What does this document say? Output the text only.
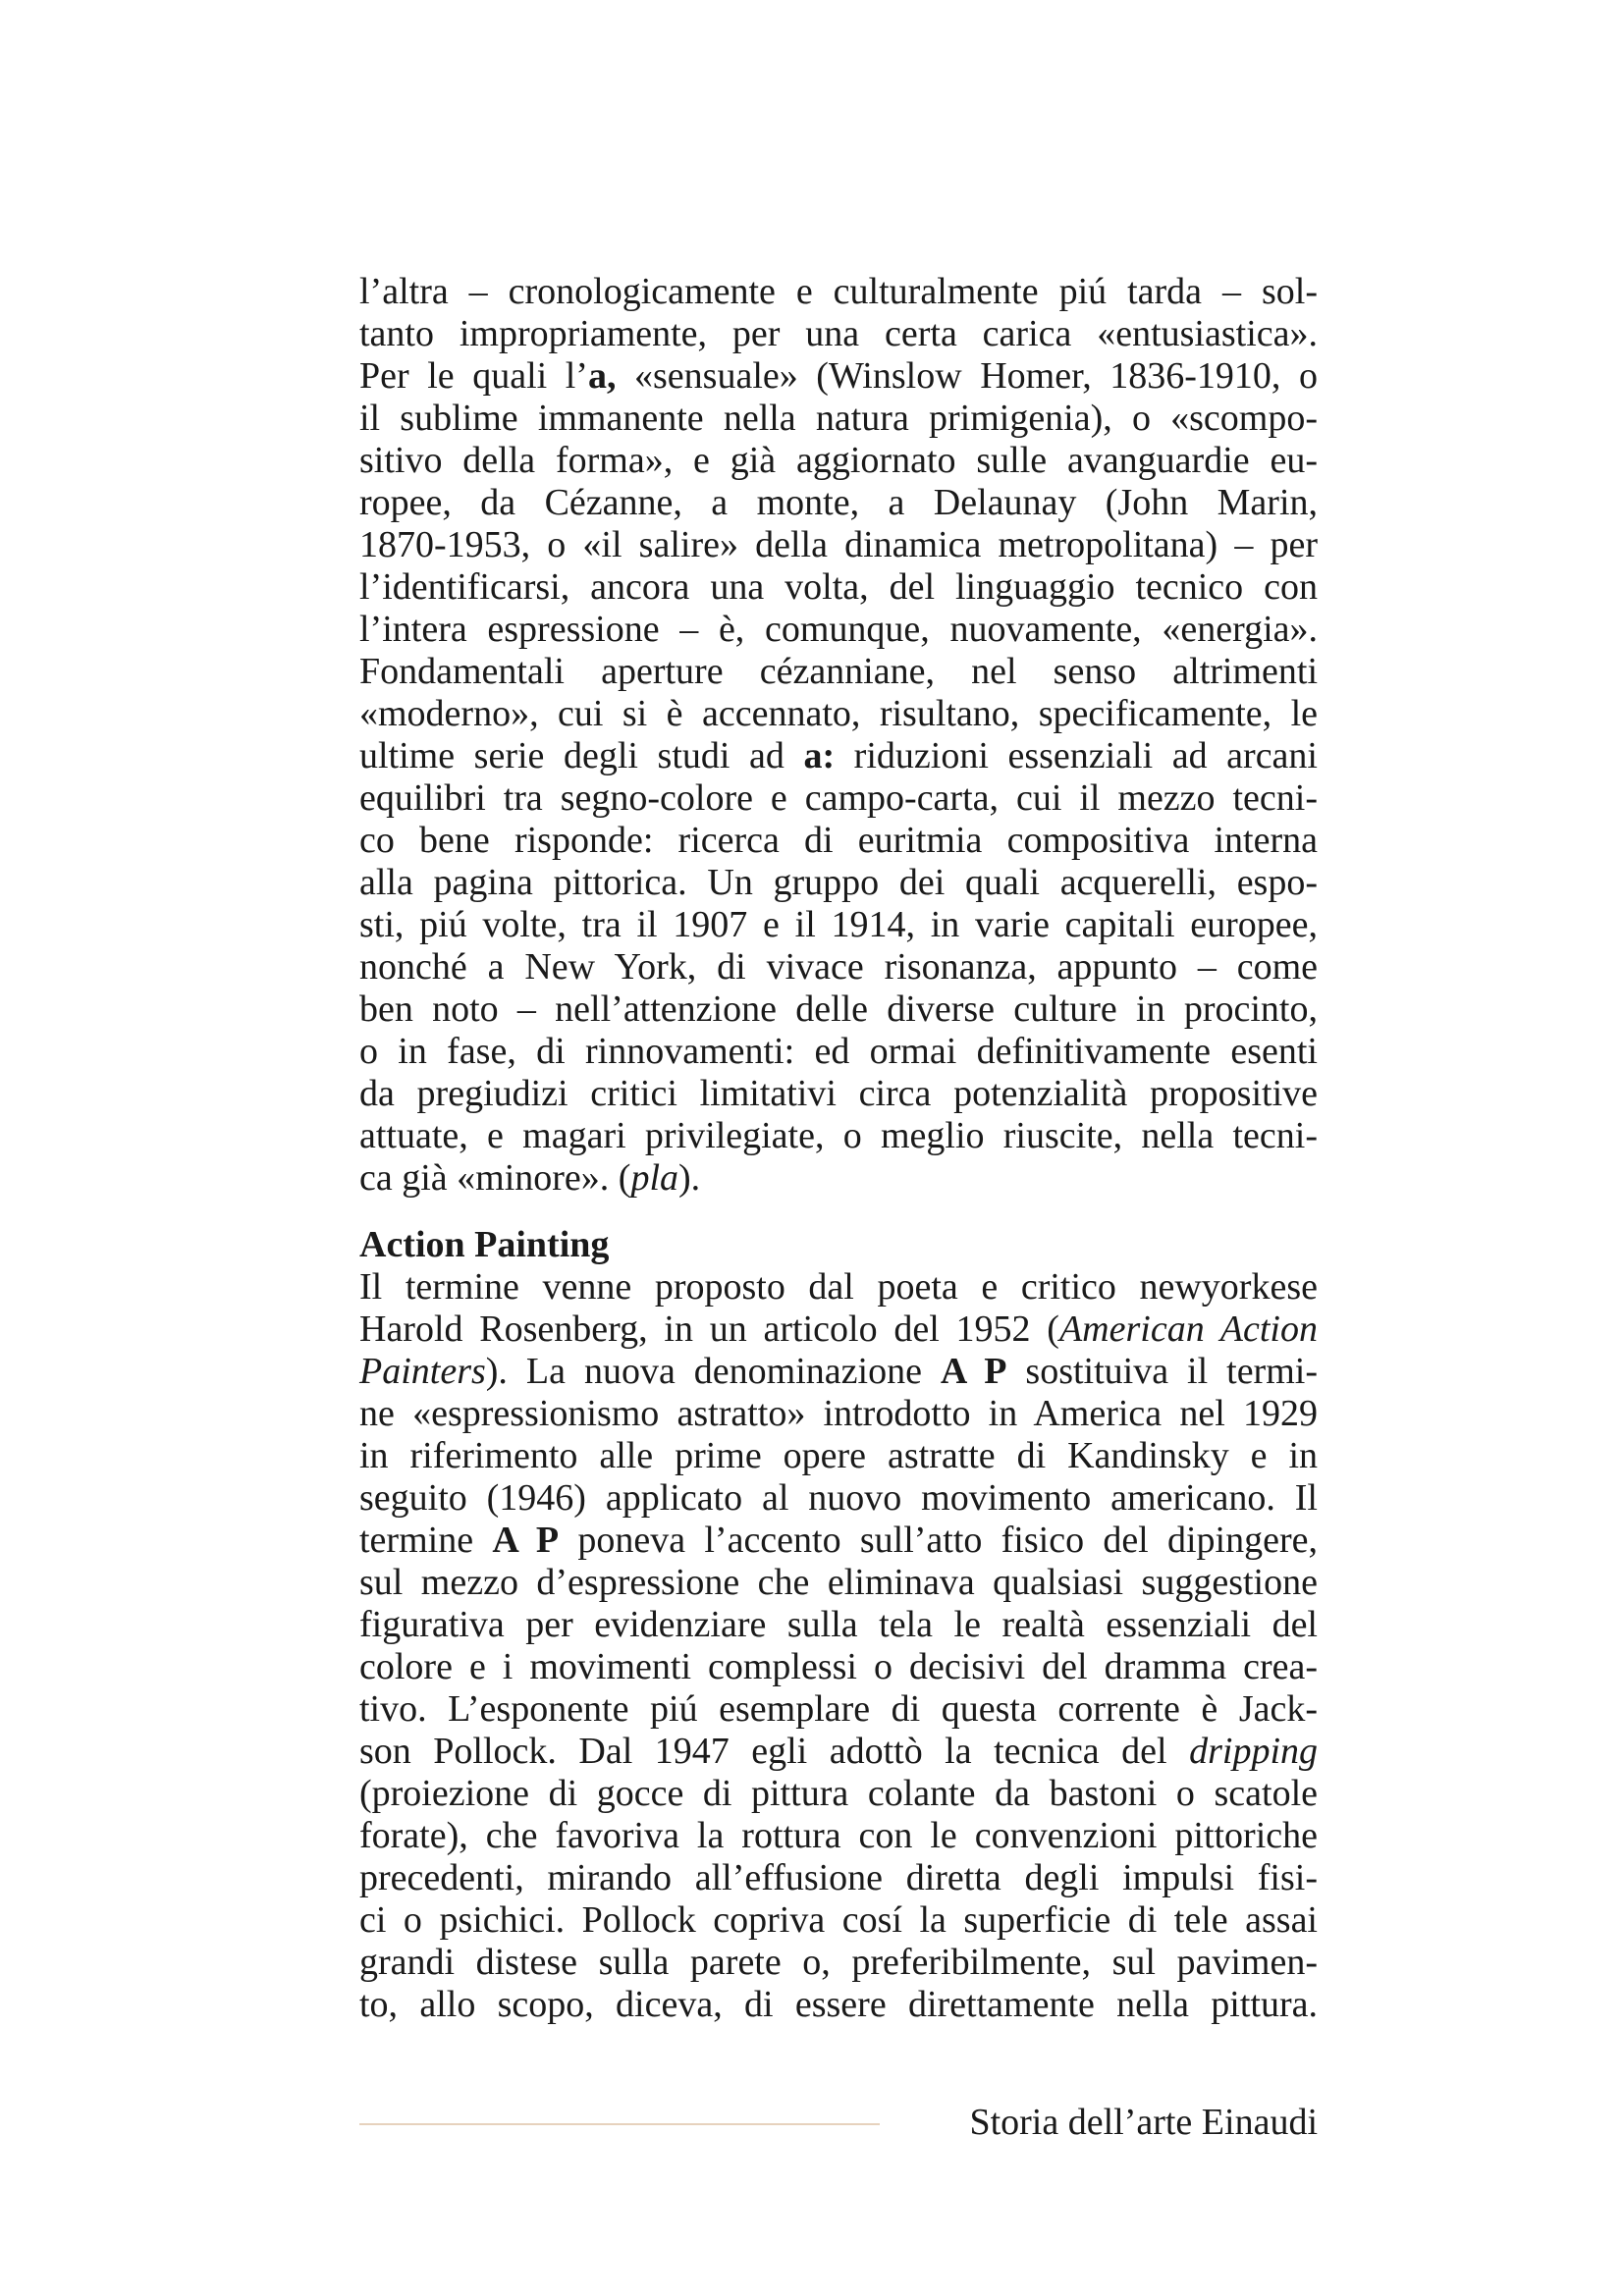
l’altra – cronologicamente e culturalmente piú tarda – sol-
tanto impropriamente, per una certa carica «entusiastica».
Per le quali l’a, «sensuale» (Winslow Homer, 1836-1910, o
il sublime immanente nella natura primigenia), o «scompo-
sitivo della forma», e già aggiornato sulle avanguardie eu-
ropee, da Cézanne, a monte, a Delaunay (John Marin,
1870-1953, o «il salire» della dinamica metropolitana) – per
l’identificarsi, ancora una volta, del linguaggio tecnico con
l’intera espressione – è, comunque, nuovamente, «energia».
Fondamentali aperture cézanniane, nel senso altrimenti
«moderno», cui si è accennato, risultano, specificamente, le
ultime serie degli studi ad a: riduzioni essenziali ad arcani
equilibri tra segno-colore e campo-carta, cui il mezzo tecni-
co bene risponde: ricerca di euritmia compositiva interna
alla pagina pittorica. Un gruppo dei quali acquerelli, espo-
sti, piú volte, tra il 1907 e il 1914, in varie capitali europee,
nonché a New York, di vivace risonanza, appunto – come
ben noto – nell’attenzione delle diverse culture in procinto,
o in fase, di rinnovamenti: ed ormai definitivamente esenti
da pregiudizi critici limitativi circa potenzialità propositive
attuate, e magari privilegiate, o meglio riuscite, nella tecni-
ca già «minore». (pla).
Action Painting
Il termine venne proposto dal poeta e critico newyorkese
Harold Rosenberg, in un articolo del 1952 (American Action
Painters). La nuova denominazione A P sostituiva il termi-
ne «espressionismo astratto» introdotto in America nel 1929
in riferimento alle prime opere astratte di Kandinsky e in
seguito (1946) applicato al nuovo movimento americano. Il
termine A P poneva l’accento sull’atto fisico del dipingere,
sul mezzo d’espressione che eliminava qualsiasi suggestione
figurativa per evidenziare sulla tela le realtà essenziali del
colore e i movimenti complessi o decisivi del dramma crea-
tivo. L’esponente piú esemplare di questa corrente è Jack-
son Pollock. Dal 1947 egli adottò la tecnica del dripping
(proiezione di gocce di pittura colante da bastoni o scatole
forate), che favoriva la rottura con le convenzioni pittoriche
precedenti, mirando all’effusione diretta degli impulsi fisi-
ci o psichici. Pollock copriva cosí la superficie di tele assai
grandi distese sulla parete o, preferibilmente, sul pavimen-
to, allo scopo, diceva, di essere direttamente nella pittura.
Storia dell’arte Einaudi
